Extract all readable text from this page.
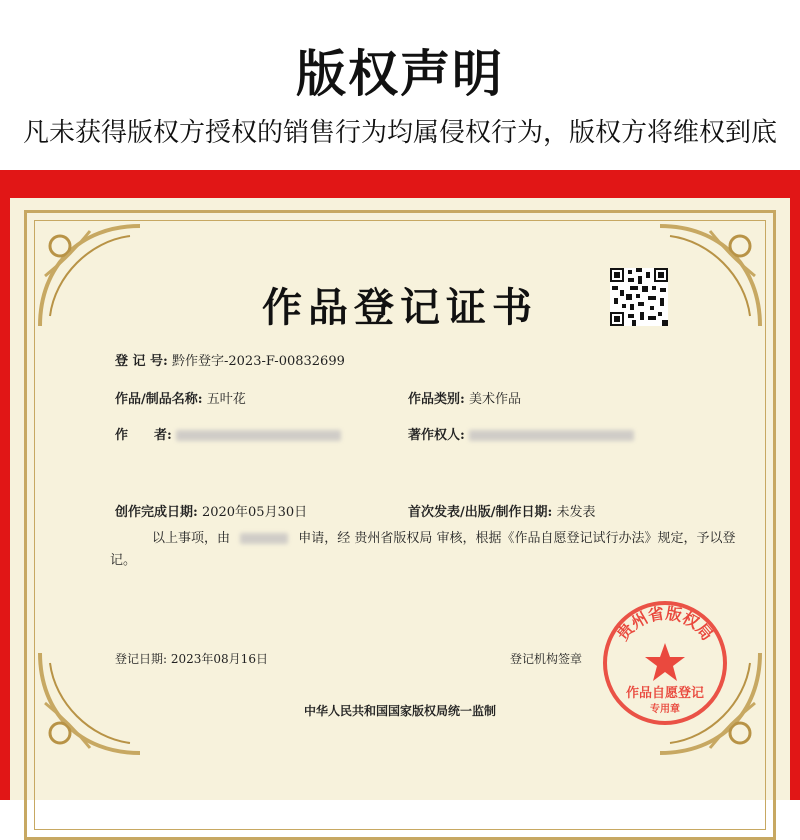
版权声明
凡未获得版权方授权的销售行为均属侵权行为，版权方将维权到底
作品登记证书
登 记 号: 黔作登字-2023-F-00832699
作品/制品名称: 五叶花	作品类别: 美术作品
作　　者:	著作权人:
创作完成日期: 2020年05月30日	首次发表/出版/制作日期: 未发表
以上事项，由	申请，经 贵州省版权局 审核，根据《作品自愿登记试行办法》规定，予以登记。
登记日期: 2023年08月16日	登记机构签章
贵州省版权局
作品自愿登记
专用章
中华人民共和国国家版权局统一监制
